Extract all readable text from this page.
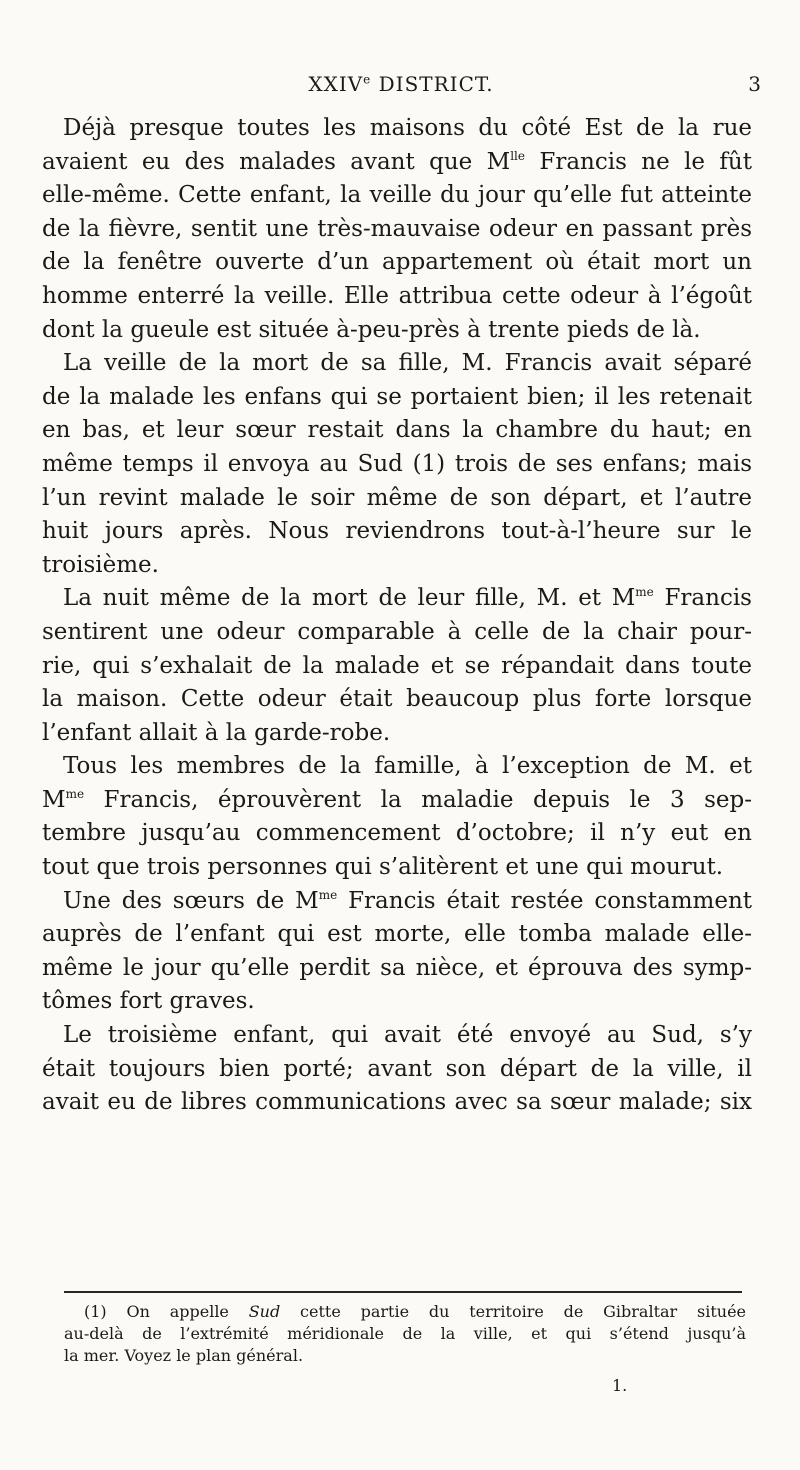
XXIVe DISTRICT.	3
Déjà presque toutes les maisons du côté Est de la rue
avaient eu des malades avant que $M^{lle}$ Francis ne le fût
elle-même. Cette enfant, la veille du jour qu’elle fut atteinte
de la fièvre, sentit une très-mauvaise odeur en passant près
de la fenêtre ouverte d’un appartement où était mort un
homme enterré la veille. Elle attribua cette odeur à l’égoût
dont la gueule est située à-peu-près à trente pieds de là.
La veille de la mort de sa fille, M. Francis avait séparé
de la malade les enfans qui se portaient bien; il les retenait
en bas, et leur sœur restait dans la chambre du haut; en
même temps il envoya au Sud (1) trois de ses enfans; mais
l’un revint malade le soir même de son départ, et l’autre
huit jours après. Nous reviendrons tout-à-l’heure sur le
troisième.
La nuit même de la mort de leur fille, M. et $M^{me}$ Francis
sentirent une odeur comparable à celle de la chair pour-
rie, qui s’exhalait de la malade et se répandait dans toute
la maison. Cette odeur était beaucoup plus forte lorsque
l’enfant allait à la garde-robe.
Tous les membres de la famille, à l’exception de M. et
$M^{me}$ Francis, éprouvèrent la maladie depuis le 3 sep-
tembre jusqu’au commencement d’octobre; il n’y eut en
tout que trois personnes qui s’alitèrent et une qui mourut.
Une des sœurs de $M^{me}$ Francis était restée constamment
auprès de l’enfant qui est morte, elle tomba malade elle-
même le jour qu’elle perdit sa nièce, et éprouva des symp-
tômes fort graves.
Le troisième enfant, qui avait été envoyé au Sud, s’y
était toujours bien porté; avant son départ de la ville, il
avait eu de libres communications avec sa sœur malade; six
(1) On appelle Sud cette partie du territoire de Gibraltar située
au-delà de l’extrémité méridionale de la ville, et qui s’étend jusqu’à
la mer. Voyez le plan général.
1.
